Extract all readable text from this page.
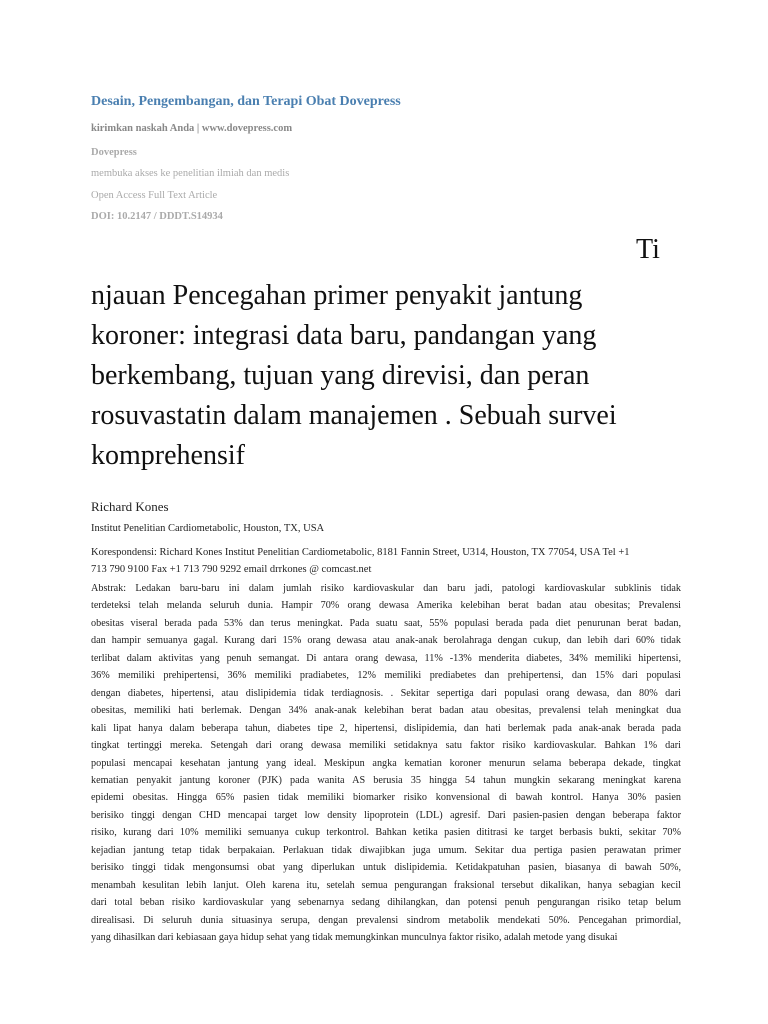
Desain, Pengembangan, dan Terapi Obat Dovepress
kirimkan naskah Anda | www.dovepress.com
Dovepress
membuka akses ke penelitian ilmiah dan medis
Open Access Full Text Article
DOI: 10.2147 / DDDT.S14934
Ti
njauan Pencegahan primer penyakit jantung
koroner: integrasi data baru, pandangan yang
berkembang, tujuan yang direvisi, dan peran
rosuvastatin dalam manajemen . Sebuah survei
komprehensif
Richard Kones
Institut Penelitian Cardiometabolic, Houston, TX, USA
Korespondensi: Richard Kones Institut Penelitian Cardiometabolic, 8181 Fannin Street, U314, Houston, TX 77054, USA Tel +1
713 790 9100 Fax +1 713 790 9292 email drrkones @ comcast.net
Abstrak: Ledakan baru-baru ini dalam jumlah risiko kardiovaskular dan baru jadi, patologi kardiovaskular subklinis tidak
terdeteksi telah melanda seluruh dunia. Hampir 70% orang dewasa Amerika kelebihan berat badan atau obesitas; Prevalensi
obesitas viseral berada pada 53% dan terus meningkat. Pada suatu saat, 55% populasi berada pada diet penurunan berat badan,
dan hampir semuanya gagal. Kurang dari 15% orang dewasa atau anak-anak berolahraga dengan cukup, dan lebih dari 60% tidak
terlibat dalam aktivitas yang penuh semangat. Di antara orang dewasa, 11% -13% menderita diabetes, 34% memiliki hipertensi,
36% memiliki prehipertensi, 36% memiliki pradiabetes, 12% memiliki prediabetes dan prehipertensi, dan 15% dari populasi
dengan diabetes, hipertensi, atau dislipidemia tidak terdiagnosis. . Sekitar sepertiga dari populasi orang dewasa, dan 80% dari
obesitas, memiliki hati berlemak. Dengan 34% anak-anak kelebihan berat badan atau obesitas, prevalensi telah meningkat dua
kali lipat hanya dalam beberapa tahun, diabetes tipe 2, hipertensi, dislipidemia, dan hati berlemak pada anak-anak berada pada
tingkat tertinggi mereka. Setengah dari orang dewasa memiliki setidaknya satu faktor risiko kardiovaskular. Bahkan 1% dari
populasi mencapai kesehatan jantung yang ideal. Meskipun angka kematian koroner menurun selama beberapa dekade, tingkat
kematian penyakit jantung koroner (PJK) pada wanita AS berusia 35 hingga 54 tahun mungkin sekarang meningkat karena
epidemi obesitas. Hingga 65% pasien tidak memiliki biomarker risiko konvensional di bawah kontrol. Hanya 30% pasien
berisiko tinggi dengan CHD mencapai target low density lipoprotein (LDL) agresif. Dari pasien-pasien dengan beberapa faktor
risiko, kurang dari 10% memiliki semuanya cukup terkontrol. Bahkan ketika pasien dititrasi ke target berbasis bukti, sekitar 70%
kejadian jantung tetap tidak berpakaian. Perlakuan tidak diwajibkan juga umum. Sekitar dua pertiga pasien perawatan primer
berisiko tinggi tidak mengonsumsi obat yang diperlukan untuk dislipidemia. Ketidakpatuhan pasien, biasanya di bawah 50%,
menambah kesulitan lebih lanjut. Oleh karena itu, setelah semua pengurangan fraksional tersebut dikalikan, hanya sebagian kecil
dari total beban risiko kardiovaskular yang sebenarnya sedang dihilangkan, dan potensi penuh pengurangan risiko tetap belum
direalisasi. Di seluruh dunia situasinya serupa, dengan prevalensi sindrom metabolik mendekati 50%. Pencegahan primordial,
yang dihasilkan dari kebiasaan gaya hidup sehat yang tidak memungkinkan munculnya faktor risiko, adalah metode yang disukai
